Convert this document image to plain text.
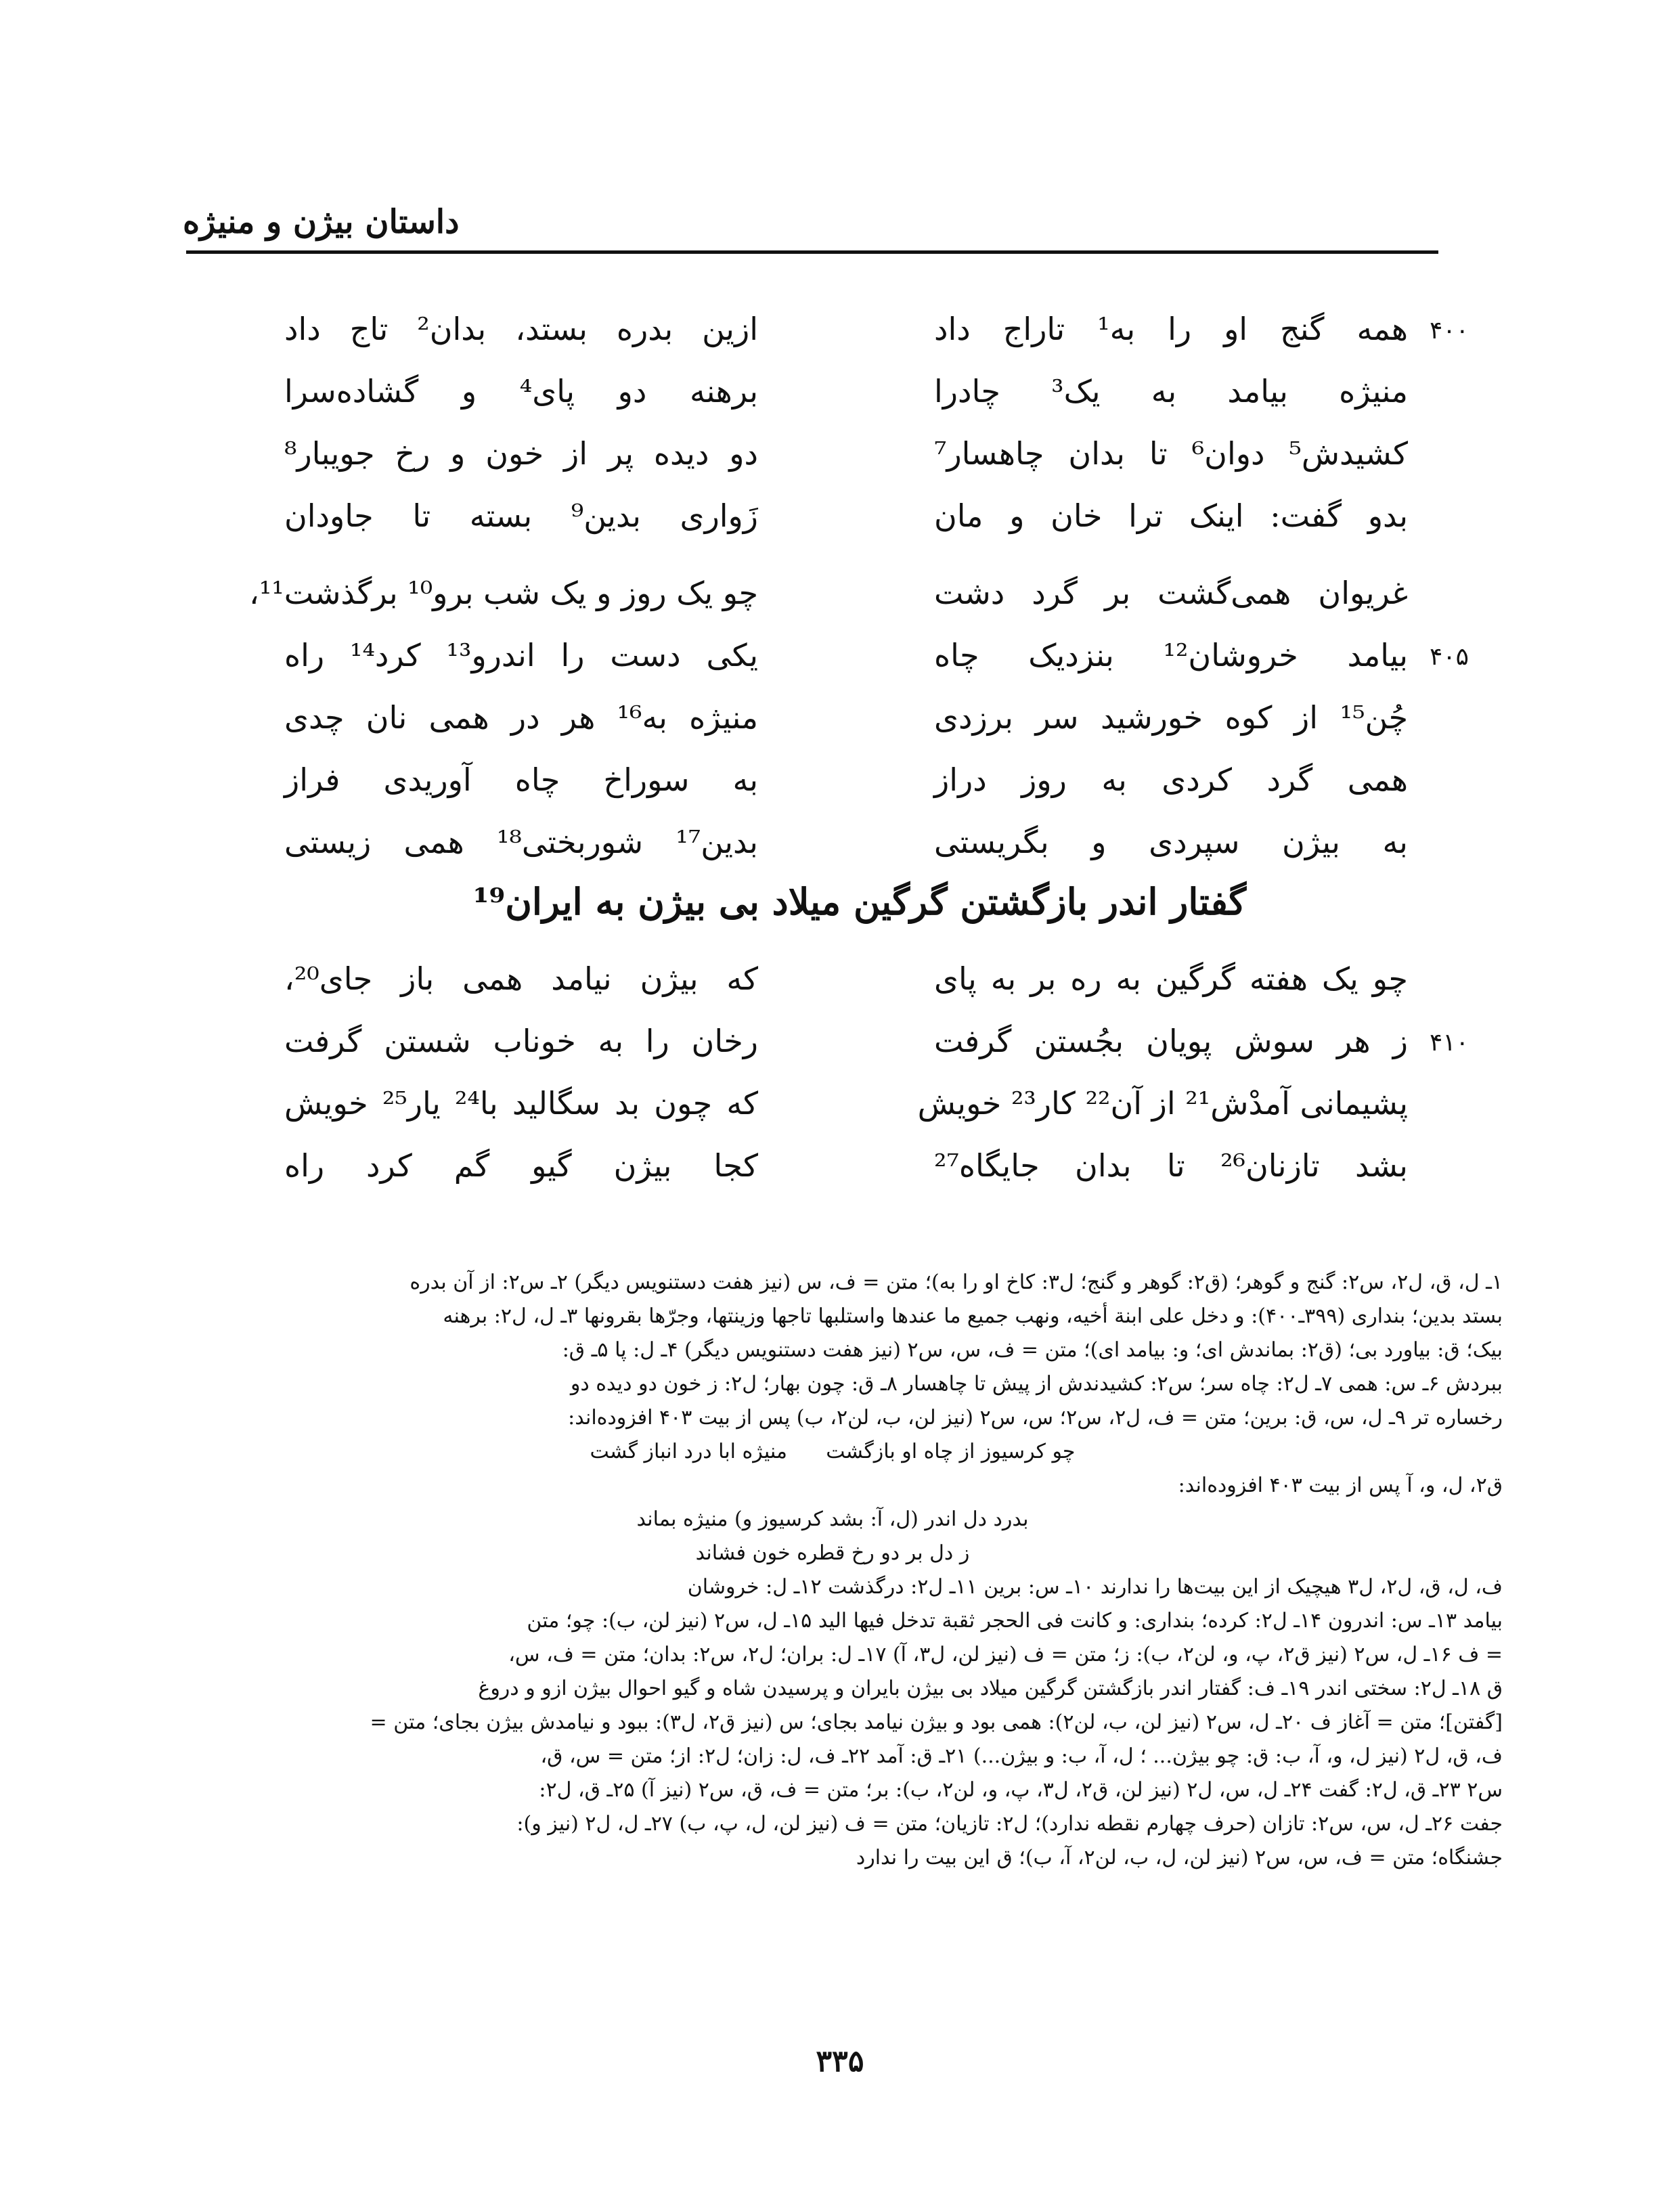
داستان بیژن و منیژه
همه گنج او را به¹ تاراج داد
ازین بدره بستد، بدان² تاج داد	۴۰۰
منیژه بیامد به یک³ چادرا
برهنه دو پای⁴ و گشاده‌سرا
کشیدش⁵ دوان⁶ تا بدان چاهسار⁷
دو دیده پر از خون و رخ جویبار⁸
بدو گفت: اینک ترا خان و مان
زَواری بدین⁹ بسته تا جاودان
غریوان همی‌گشت بر گرد دشت
چو یک روز و یک شب برو¹⁰ برگذشت¹¹،
بیامد خروشان¹² بنزدیک چاه
یکی دست را اندرو¹³ کرد¹⁴ راه	۴۰۵
چُن¹⁵ از کوه خورشید سر برزدی
منیژه به¹⁶ هر در همی نان چدی
همی گرد کردی به روز دراز
به سوراخ چاه آوریدی فراز
به بیژن سپردی و بگریستی
بدین¹⁷ شوربختی¹⁸ همی زیستی
گفتار اندر بازگشتن گرگین میلاد بی بیژن به ایران¹⁹
چو یک هفته گرگین به ره بر به پای
که بیژن نیامد همی باز جای²⁰،
ز هر سوش پویان بجُستن گرفت
رخان را به خوناب شستن گرفت	۴۱۰
پشیمانی آمدْش²¹ از آن²² کار²³ خویش
که چون بد سگالید با²⁴ یار²⁵ خویش
بشد تازنان²⁶ تا بدان جایگاه²⁷
کجا بیژن گیو گم کرد راه

۱ـ ل، ق، ل۲، س۲: گنج و گوهر؛ (ق۲: گوهر و گنج؛ ل۳: کاخ او را به)؛ متن = ف، س (نیز هفت دستنویس دیگر) ۲ـ س۲: از آن بدره

بستد بدین؛ بنداری (۳۹۹ـ۴۰۰): و دخل علی ابنة أخیه، ونهب جمیع ما عندها واستلبها تاجها وزینتها، وجرّها بقرونها ۳ـ ل، ل۲: برهنه

بیک؛ ق: بیاورد بی؛ (ق۲: بماندش ای؛ و: بیامد ای)؛ متن = ف، س، س۲ (نیز هفت دستنویس دیگر) ۴ـ ل: پا ۵ـ ق:

ببردش ۶ـ س: همی ۷ـ ل۲: چاه سر؛ س۲: کشیدندش از پیش تا چاهسار ۸ـ ق: چون بهار؛ ل۲: ز خون دو دیده دو

رخساره تر ۹ـ ل، س، ق: برین؛ متن = ف، ل۲، س۲؛ س، س۲ (نیز لن، ب، لن۲، ب) پس از بیت ۴۰۳ افزوده‌اند:

چو کرسیوز از چاه او بازگشت      منیژه ابا درد انباز گشت

ق۲، ل، و، آ پس از بیت ۴۰۳ افزوده‌اند:

بدرد دل اندر (ل، آ: بشد کرسیوز و) منیژه بماند

ز دل بر دو رخ قطره خون فشاند

ف، ل، ق، ل۲، ل۳ هیچیک از این بیت‌ها را ندارند ۱۰ـ س: برین ۱۱ـ ل۲: درگذشت ۱۲ـ ل: خروشان

بیامد ۱۳ـ س: اندرون ۱۴ـ ل۲: کرده؛ بنداری: و کانت فی الحجر ثقبة تدخل فیها الید ۱۵ـ ل، س۲ (نیز لن، ب): چو؛ متن

= ف ۱۶ـ ل، س۲ (نیز ق۲، پ، و، لن۲، ب): ز؛ متن = ف (نیز لن، ل۳، آ) ۱۷ـ ل: بران؛ ل۲، س۲: بدان؛ متن = ف، س،

ق ۱۸ـ ل۲: سختی اندر ۱۹ـ ف: گفتار اندر بازگشتن گرگین میلاد بی بیژن بایران و پرسیدن شاه و گیو احوال بیژن ازو و دروغ

[گفتن]؛ متن = آغاز ف ۲۰ـ ل، س۲ (نیز لن، ب، لن۲): همی بود و بیژن نیامد بجای؛ س (نیز ق۲، ل۳): ببود و نیامدش بیژن بجای؛ متن =

ف، ق، ل۲ (نیز ل، و، آ، ب: ق: چو بیژن... ؛ ل، آ، ب: و بیژن...) ۲۱ـ ق: آمد ۲۲ـ ف، ل: زان؛ ل۲: از؛ متن = س، ق،

س۲ ۲۳ـ ق، ل۲: گفت ۲۴ـ ل، س، ل۲ (نیز لن، ق۲، ل۳، پ، و، لن۲، ب): بر؛ متن = ف، ق، س۲ (نیز آ) ۲۵ـ ق، ل۲:

جفت ۲۶ـ ل، س، س۲: تازان (حرف چهارم نقطه ندارد)؛ ل۲: تازیان؛ متن = ف (نیز لن، ل، پ، ب) ۲۷ـ ل، ل۲ (نیز و):

جشنگاه؛ متن = ف، س، س۲ (نیز لن، ل، ب، لن۲، آ، ب)؛ ق این بیت را ندارد

۳۳۵
